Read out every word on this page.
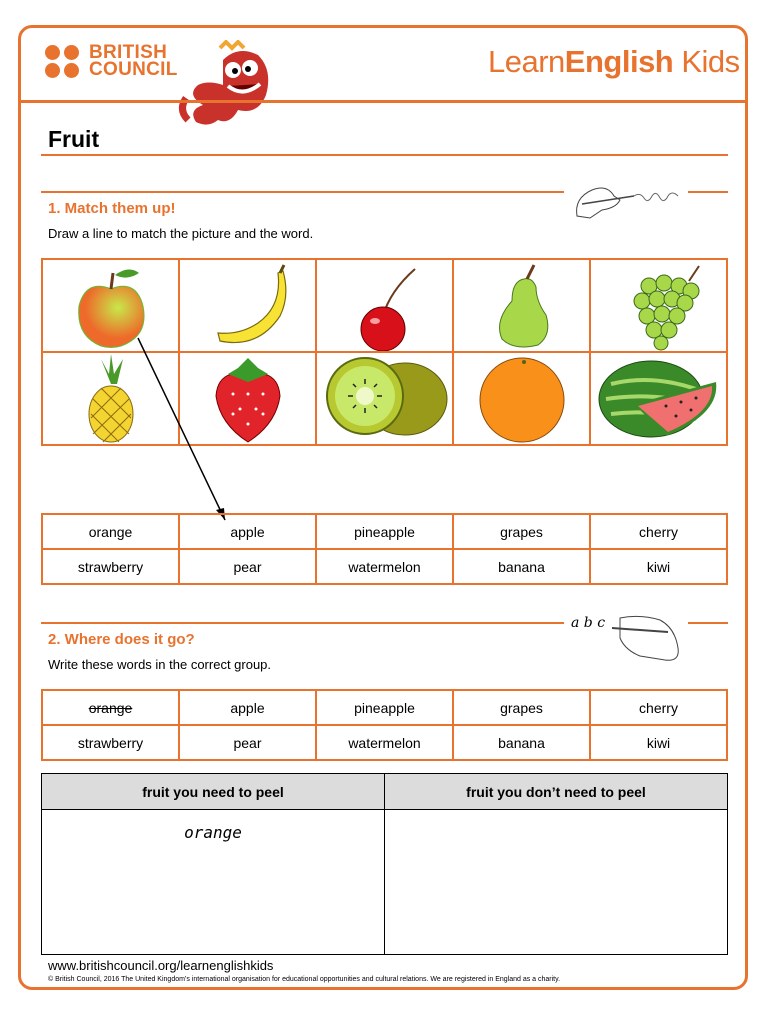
BRITISH
COUNCIL	LearnEnglish Kids
Fruit
1. Match them up!
Draw a line to match the picture and the word.

orange	apple	pineapple	grapes	cherry
strawberry	pear	watermelon	banana	kiwi
a b c
2. Where does it go?
Write these words in the correct group.
orange	apple	pineapple	grapes	cherry
strawberry	pear	watermelon	banana	kiwi
fruit you need to peel	fruit you don’t need to peel
orange	
www.britishcouncil.org/learnenglishkids
© British Council, 2016 The United Kingdom’s international organisation for educational opportunities and cultural relations. We are registered in England as a charity.
